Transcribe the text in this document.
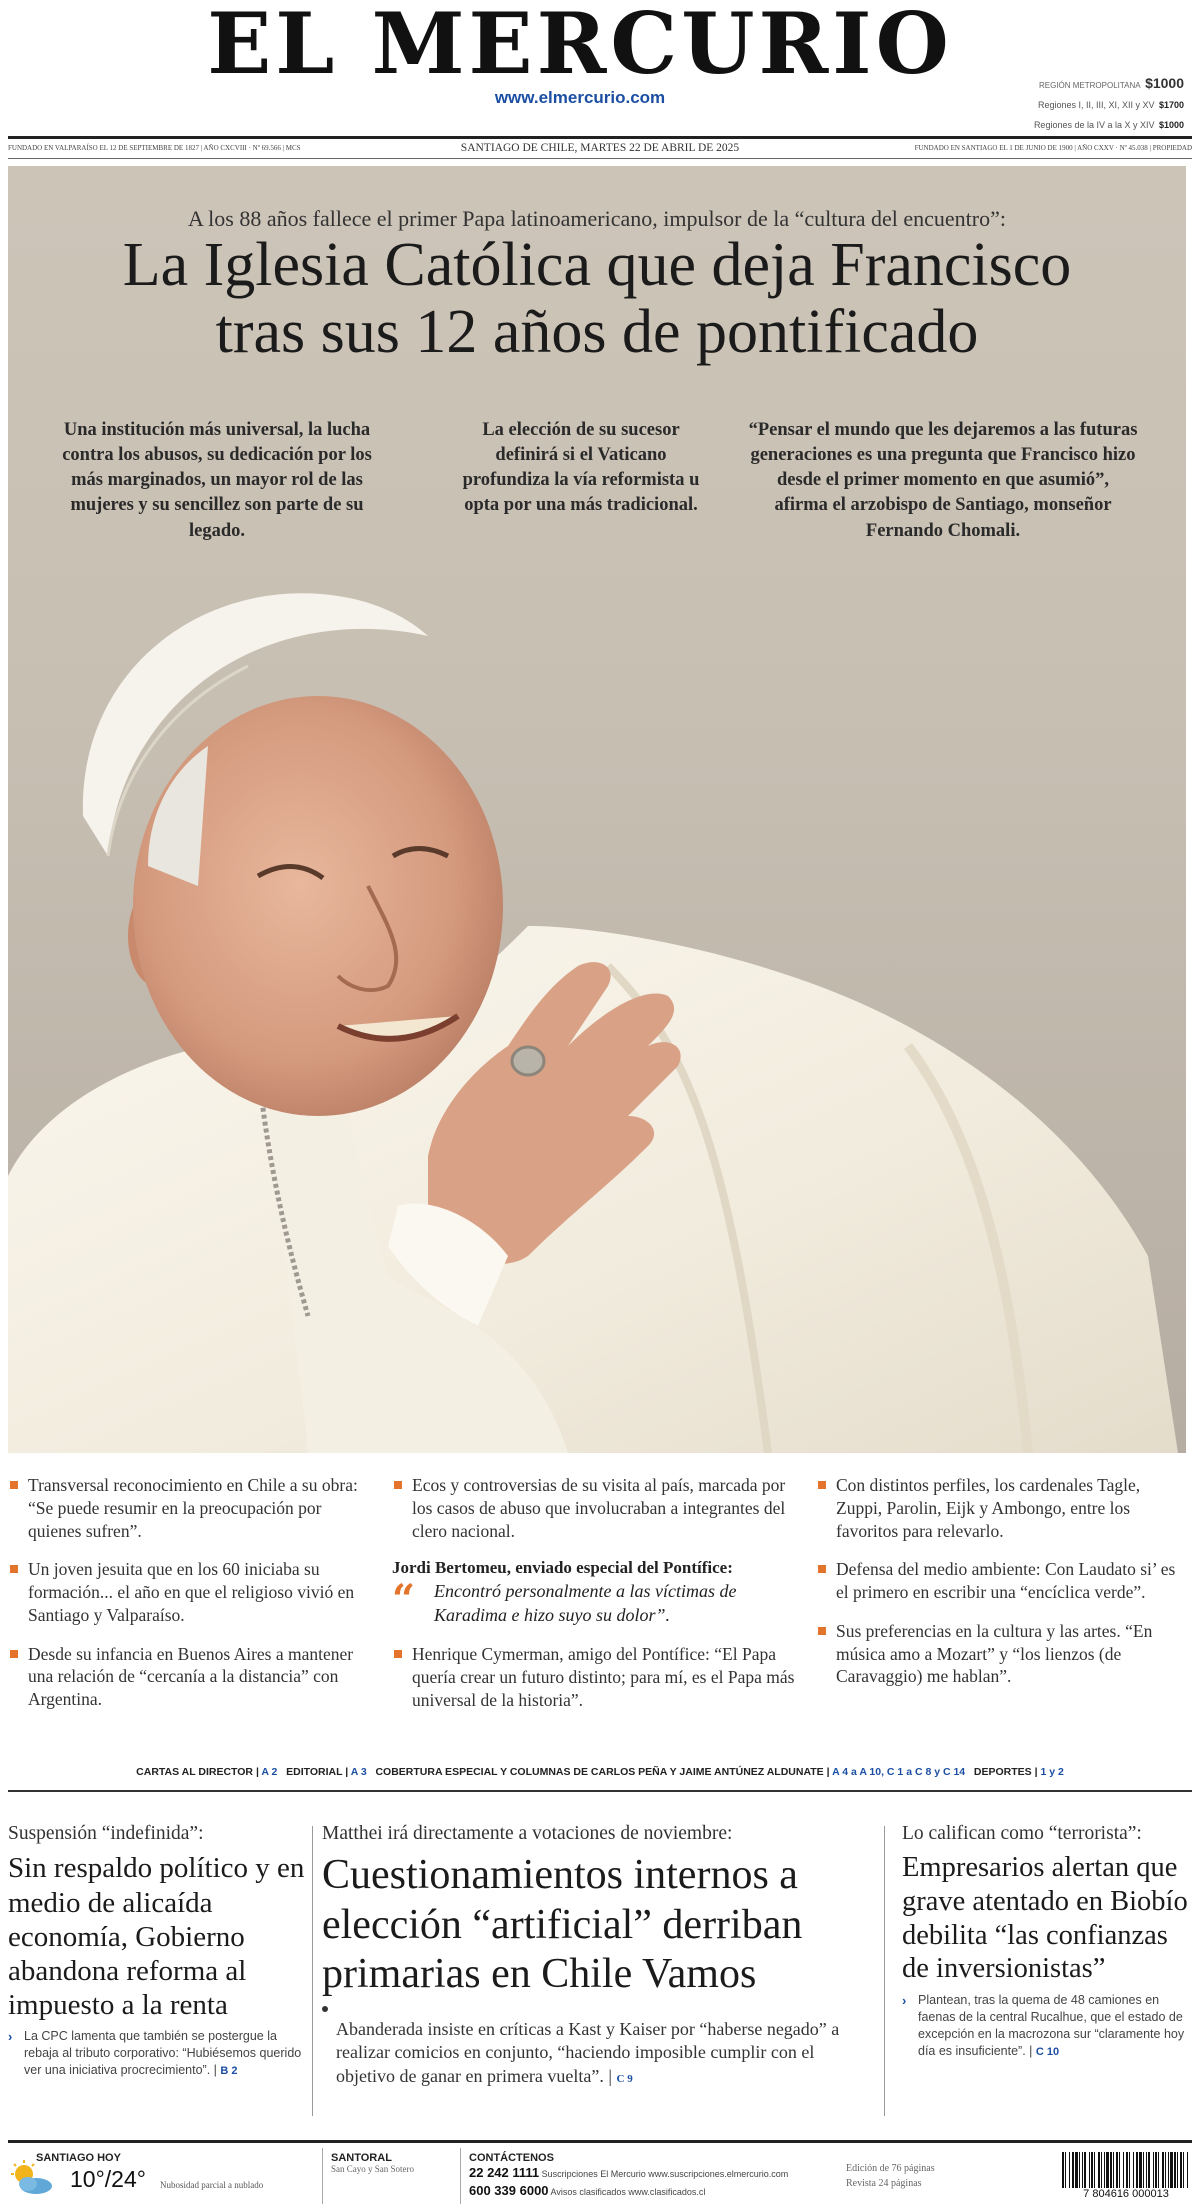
EL MERCURIO
www.elmercurio.com
REGIÓN METROPOLITANA $1000
Regiones I, II, III, XI, XII y XV $1700
Regiones de la IV a la X y XIV $1000
FUNDADO EN VALPARAÍSO EL 12 DE SEPTIEMBRE DE 1827 | AÑO CXCVIII · Nº 69.566 | MCS	SANTIAGO DE CHILE, MARTES 22 DE ABRIL DE 2025	FUNDADO EN SANTIAGO EL 1 DE JUNIO DE 1900 | AÑO CXXV · Nº 45.038 | PROPIEDAD
A los 88 años fallece el primer Papa latinoamericano, impulsor de la “cultura del encuentro”:
La Iglesia Católica que deja Francisco
tras sus 12 años de pontificado
Una institución más universal, la lucha contra los abusos, su dedicación por los más marginados, un mayor rol de las mujeres y su sencillez son parte de su legado.
La elección de su sucesor definirá si el Vaticano profundiza la vía reformista u opta por una más tradicional.
“Pensar el mundo que les dejaremos a las futuras generaciones es una pregunta que Francisco hizo desde el primer momento en que asumió”, afirma el arzobispo de Santiago, monseñor Fernando Chomali.
Transversal reconocimiento en Chile a su obra: “Se puede resumir en la preocupación por quienes sufren”.
Un joven jesuita que en los 60 iniciaba su formación... el año en que el religioso vivió en Santiago y Valparaíso.
Desde su infancia en Buenos Aires a mantener una relación de “cercanía a la distancia” con Argentina.
Ecos y controversias de su visita al país, marcada por los casos de abuso que involucraban a integrantes del clero nacional.
Jordi Bertomeu, enviado especial del Pontífice:
“ Encontró personalmente a las víctimas de Karadima e hizo suyo su dolor”.
Henrique Cymerman, amigo del Pontífice: “El Papa quería crear un futuro distinto; para mí, es el Papa más universal de la historia”.
Con distintos perfiles, los cardenales Tagle, Zuppi, Parolin, Eijk y Ambongo, entre los favoritos para relevarlo.
Defensa del medio ambiente: Con Laudato si’ es el primero en escribir una “encíclica verde”.
Sus preferencias en la cultura y las artes. “En música amo a Mozart” y “los lienzos (de Caravaggio) me hablan”.
CARTAS AL DIRECTOR | A 2 EDITORIAL | A 3 COBERTURA ESPECIAL Y COLUMNAS DE CARLOS PEÑA Y JAIME ANTÚNEZ ALDUNATE | A 4 a A 10, C 1 a C 8 y C 14 DEPORTES | 1 y 2
Suspensión “indefinida”:
Sin respaldo político y en medio de alicaída economía, Gobierno abandona reforma al impuesto a la renta
› La CPC lamenta que también se postergue la rebaja al tributo corporativo: “Hubiésemos querido ver una iniciativa procrecimiento”. | B 2
Matthei irá directamente a votaciones de noviembre:
Cuestionamientos internos a elección “artificial” derriban primarias en Chile Vamos
Abanderada insiste en críticas a Kast y Kaiser por “haberse negado” a realizar comicios en conjunto, “haciendo imposible cumplir con el objetivo de ganar en primera vuelta”. | C 9
Lo califican como “terrorista”:
Empresarios alertan que grave atentado en Biobío debilita “las confianzas de inversionistas”
› Plantean, tras la quema de 48 camiones en faenas de la central Rucalhue, que el estado de excepción en la macrozona sur “claramente hoy día es insuficiente”. | C 10
SANTIAGO HOY
10°/24° Nubosidad parcial a nublado
SANTORAL
San Cayo y San Sotero
CONTÁCTENOS
22 242 1111 Suscripciones El Mercurio www.suscripciones.elmercurio.com
600 339 6000 Avisos clasificados www.clasificados.cl
Edición de 76 páginas
Revista 24 páginas
7 804616 000013
